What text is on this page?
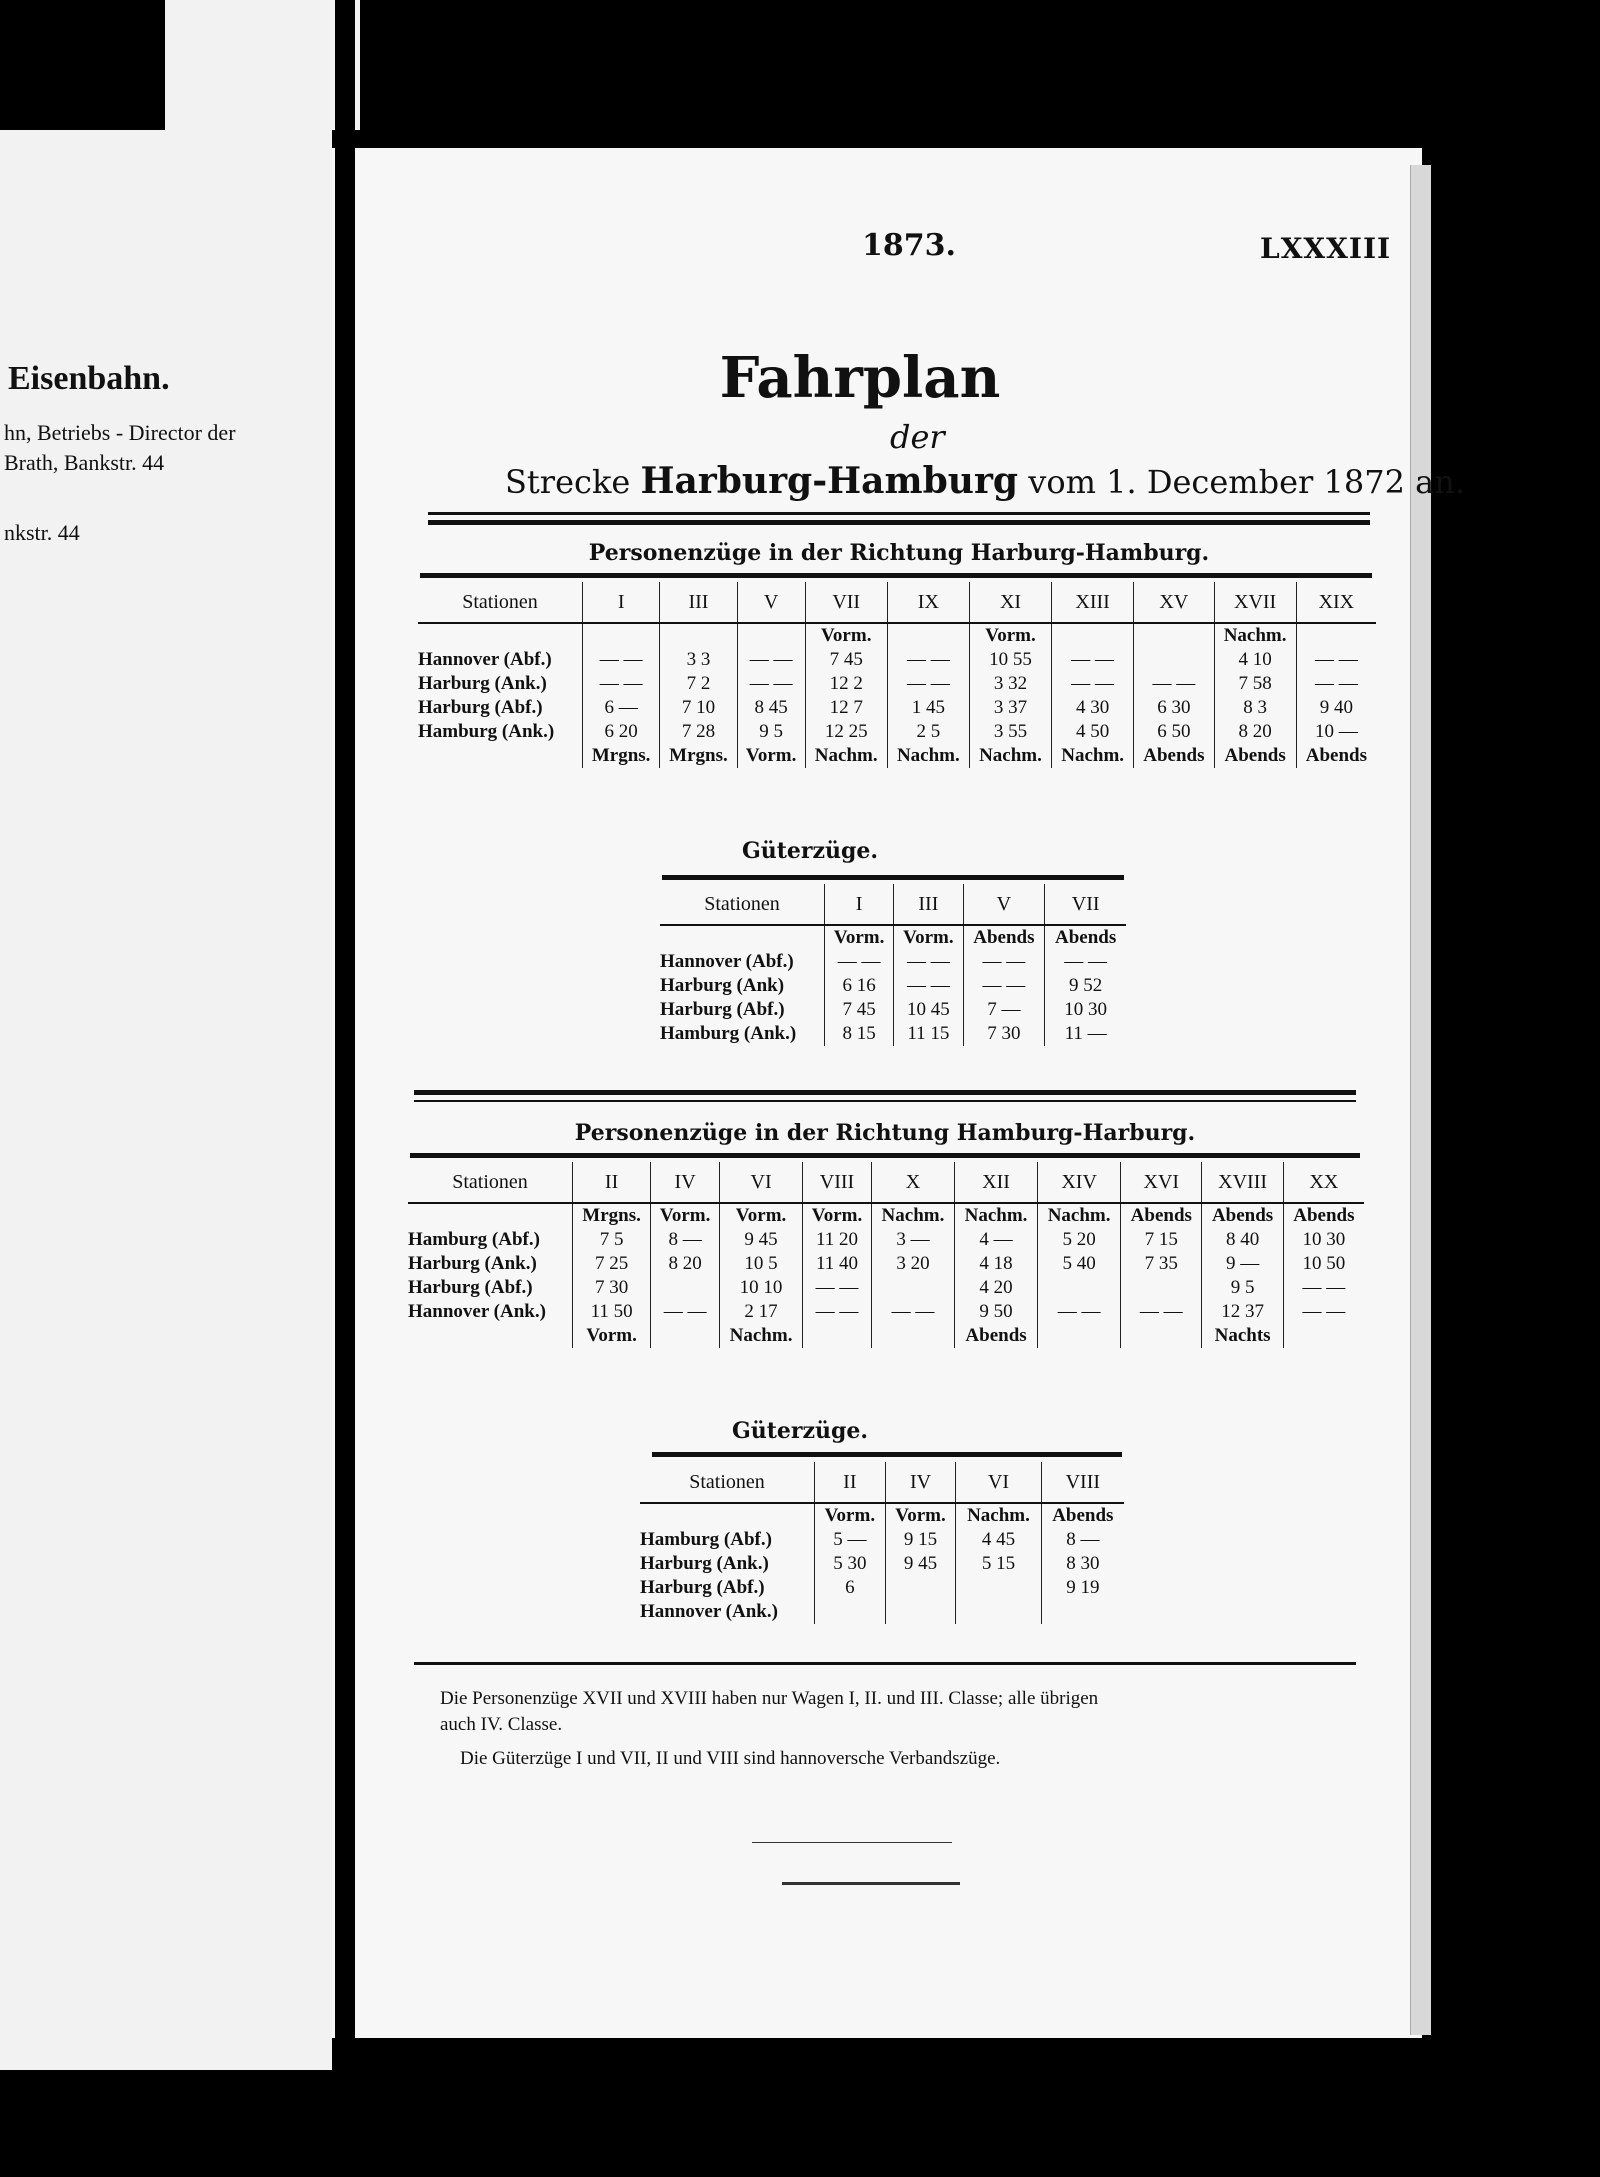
Eisenbahn.
hn, Betriebs - Director der
Brath, Bankstr. 44
nkstr. 44
1873.	LXXXIII
Fahrplan
der
Strecke Harburg-Hamburg vom 1. December 1872 an.
Personenzüge in der Richtung Harburg-Hamburg.
Stationen	I	III	V	VII	IX	XI	XIII	XV	XVII	XIX
				Vorm.		Vorm.			Nachm.	
Hannover (Abf.)	— —	3 3	— —	7 45	— —	10 55	— —		4 10	— —
Harburg (Ank.)	— —	7 2	— —	12 2	— —	3 32	— —	— —	7 58	— —
Harburg (Abf.)	6 —	7 10	8 45	12 7	1 45	3 37	4 30	6 30	8 3	9 40
Hamburg (Ank.)	6 20	7 28	9 5	12 25	2 5	3 55	4 50	6 50	8 20	10 —
	Mrgns.	Mrgns.	Vorm.	Nachm.	Nachm.	Nachm.	Nachm.	Abends	Abends	Abends
Güterzüge.
Stationen	I	III	V	VII
	Vorm.	Vorm.	Abends	Abends
Hannover (Abf.)	— —	— —	— —	— —
Harburg (Ank)	6 16	— —	— —	9 52
Harburg (Abf.)	7 45	10 45	7 —	10 30
Hamburg (Ank.)	8 15	11 15	7 30	11 —
Personenzüge in der Richtung Hamburg-Harburg.
Stationen	II	IV	VI	VIII	X	XII	XIV	XVI	XVIII	XX
	Mrgns.	Vorm.	Vorm.	Vorm.	Nachm.	Nachm.	Nachm.	Abends	Abends	Abends
Hamburg (Abf.)	7 5	8 —	9 45	11 20	3 —	4 —	5 20	7 15	8 40	10 30
Harburg (Ank.)	7 25	8 20	10 5	11 40	3 20	4 18	5 40	7 35	9 —	10 50
Harburg (Abf.)	7 30		10 10	— —		4 20			9 5	— —
Hannover (Ank.)	11 50	— —	2 17	— —	— —	9 50	— —	— —	12 37	— —
	Vorm.		Nachm.			Abends			Nachts	
Güterzüge.
Stationen	II	IV	VI	VIII
	Vorm.	Vorm.	Nachm.	Abends
Hamburg (Abf.)	5 —	9 15	4 45	8 —
Harburg (Ank.)	5 30	9 45	5 15	8 30
Harburg (Abf.)	6			9 19
Hannover (Ank.)				
Die Personenzüge XVII und XVIII haben nur Wagen I, II. und III. Classe; alle übrigen
auch IV. Classe.
Die Güterzüge I und VII, II und VIII sind hannoversche Verbandszüge.
